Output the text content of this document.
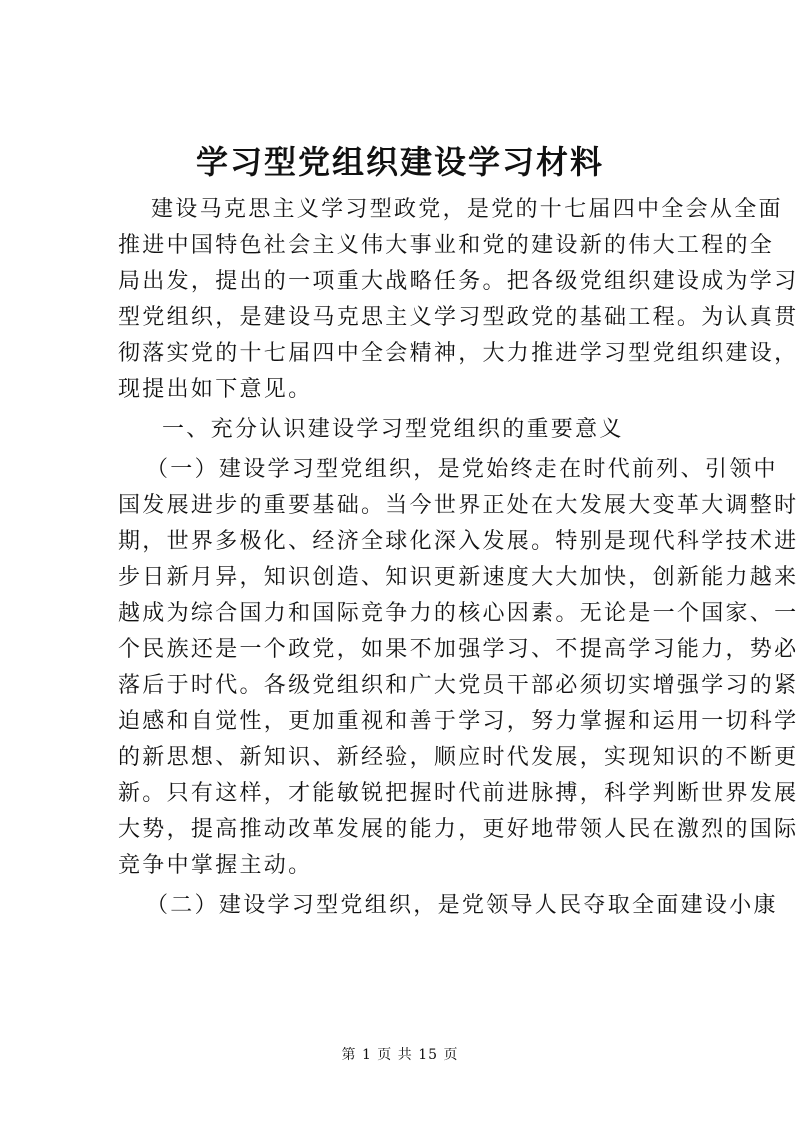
学习型党组织建设学习材料
建设马克思主义学习型政党，是党的十七届四中全会从全面
推进中国特色社会主义伟大事业和党的建设新的伟大工程的全
局出发，提出的一项重大战略任务。把各级党组织建设成为学习
型党组织，是建设马克思主义学习型政党的基础工程。为认真贯
彻落实党的十七届四中全会精神，大力推进学习型党组织建设，
现提出如下意见。
一、充分认识建设学习型党组织的重要意义
（一）建设学习型党组织，是党始终走在时代前列、引领中
国发展进步的重要基础。当今世界正处在大发展大变革大调整时
期，世界多极化、经济全球化深入发展。特别是现代科学技术进
步日新月异，知识创造、知识更新速度大大加快，创新能力越来
越成为综合国力和国际竞争力的核心因素。无论是一个国家、一
个民族还是一个政党，如果不加强学习、不提高学习能力，势必
落后于时代。各级党组织和广大党员干部必须切实增强学习的紧
迫感和自觉性，更加重视和善于学习，努力掌握和运用一切科学
的新思想、新知识、新经验，顺应时代发展，实现知识的不断更
新。只有这样，才能敏锐把握时代前进脉搏，科学判断世界发展
大势，提高推动改革发展的能力，更好地带领人民在激烈的国际
竞争中掌握主动。
（二）建设学习型党组织，是党领导人民夺取全面建设小康
第 1 页 共 15 页
